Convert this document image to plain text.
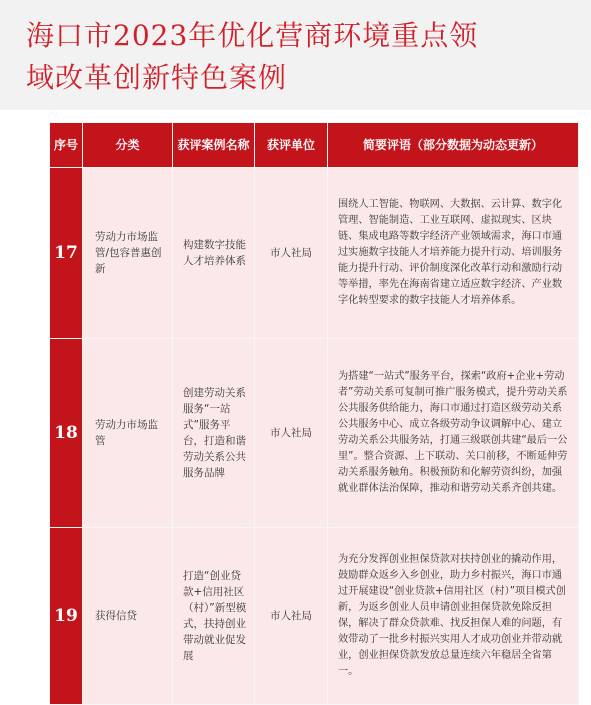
海口市2023年优化营商环境重点领
域改革创新特色案例
序号	分类	获评案例名称	获评单位	简要评语（部分数据为动态更新）
17	劳动力市场监管/包容普惠创新	构建数字技能人才培养体系	市人社局	围绕人工智能、物联网、大数据、云计算、数字化管理、智能制造、工业互联网、虚拟现实、区块链、集成电路等数字经济产业领域需求，海口市通过实施数字技能人才培养能力提升行动、培训服务能力提升行动、评价制度深化改革行动和激励行动等举措，率先在海南省建立适应数字经济、产业数字化转型要求的数字技能人才培养体系。
18	劳动力市场监管	创建劳动关系服务“一站式”服务平台，打造和谐劳动关系公共服务品牌	市人社局	为搭建“一站式”服务平台，探索“政府+企业+劳动者”劳动关系可复制可推广服务模式，提升劳动关系公共服务供给能力，海口市通过打造区级劳动关系公共服务中心、成立各级劳动争议调解中心、建立劳动关系公共服务站，打通三级联创共建“最后一公里”。整合资源、上下联动、关口前移，不断延伸劳动关系服务触角。积极预防和化解劳资纠纷，加强就业群体法治保障，推动和谐劳动关系齐创共建。
19	获得信贷	打造“创业贷款+信用社区（村）”新型模式，扶持创业带动就业促发展	市人社局	为充分发挥创业担保贷款对扶持创业的撬动作用，鼓励群众返乡入乡创业，助力乡村振兴，海口市通过开展建设“创业贷款+信用社区（村）”项目模式创新，为返乡创业人员申请创业担保贷款免除反担保，解决了群众贷款难、找反担保人难的问题，有效带动了一批乡村振兴实用人才成功创业并带动就业，创业担保贷款发放总量连续六年稳居全省第一。
